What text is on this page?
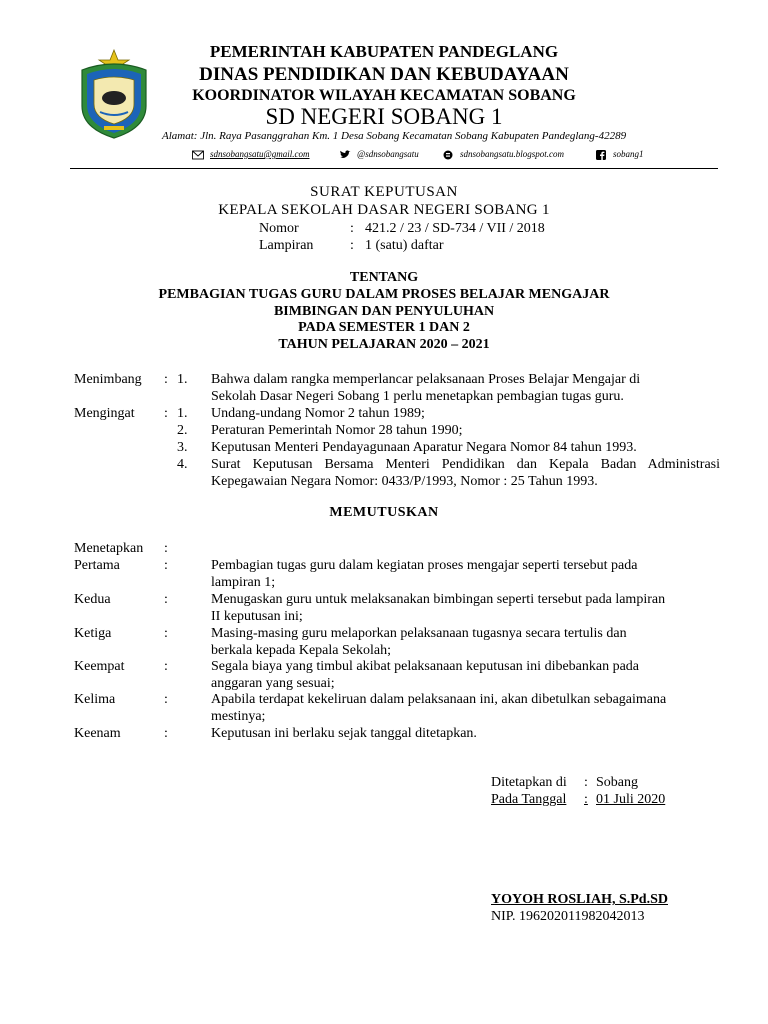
PEMERINTAH KABUPATEN PANDEGLANG
DINAS PENDIDIKAN DAN KEBUDAYAAN
KOORDINATOR WILAYAH KECAMATAN SOBANG
SD NEGERI SOBANG 1
Alamat: Jln. Raya Pasanggrahan Km. 1 Desa Sobang Kecamatan Sobang Kabupaten Pandeglang-42289
sdnsobangsatu@gmail.com	@sdnsobangsatu	sdnsobangsatu.blogspot.com	sobang1
SURAT KEPUTUSAN
KEPALA SEKOLAH DASAR NEGERI SOBANG 1
Nomor	: 421.2 / 23 / SD-734 / VII / 2018
Lampiran	: 1 (satu) daftar
TENTANG
PEMBAGIAN TUGAS GURU DALAM PROSES BELAJAR MENGAJAR
BIMBINGAN DAN PENYULUHAN
PADA SEMESTER 1 DAN 2
TAHUN PELAJARAN 2020 – 2021
Menimbang : 1. Bahwa dalam rangka memperlancar pelaksanaan Proses Belajar Mengajar di
Sekolah Dasar Negeri Sobang 1 perlu menetapkan pembagian tugas guru.
Mengingat : 1. Undang-undang Nomor 2 tahun 1989;
2. Peraturan Pemerintah Nomor 28 tahun 1990;
3. Keputusan Menteri Pendayagunaan Aparatur Negara Nomor 84 tahun 1993.
4. Surat Keputusan Bersama Menteri Pendidikan dan Kepala Badan Administrasi
Kepegawaian Negara Nomor: 0433/P/1993, Nomor : 25 Tahun 1993.
MEMUTUSKAN
Menetapkan :
Pertama	:	Pembagian tugas guru dalam kegiatan proses mengajar seperti tersebut pada
lampiran 1;
Kedua	:	Menugaskan guru untuk melaksanakan bimbingan seperti tersebut pada lampiran
II keputusan ini;
Ketiga	:	Masing-masing guru melaporkan pelaksanaan tugasnya secara tertulis dan
berkala kepada Kepala Sekolah;
Keempat	:	Segala biaya yang timbul akibat pelaksanaan keputusan ini dibebankan pada
anggaran yang sesuai;
Kelima	:	Apabila terdapat kekeliruan dalam pelaksanaan ini, akan dibetulkan sebagaimana
mestinya;
Keenam	:	Keputusan ini berlaku sejak tanggal ditetapkan.
Ditetapkan di : Sobang
Pada Tanggal : 01 Juli 2020
YOYOH ROSLIAH, S.Pd.SD
NIP. 196202011982042013
